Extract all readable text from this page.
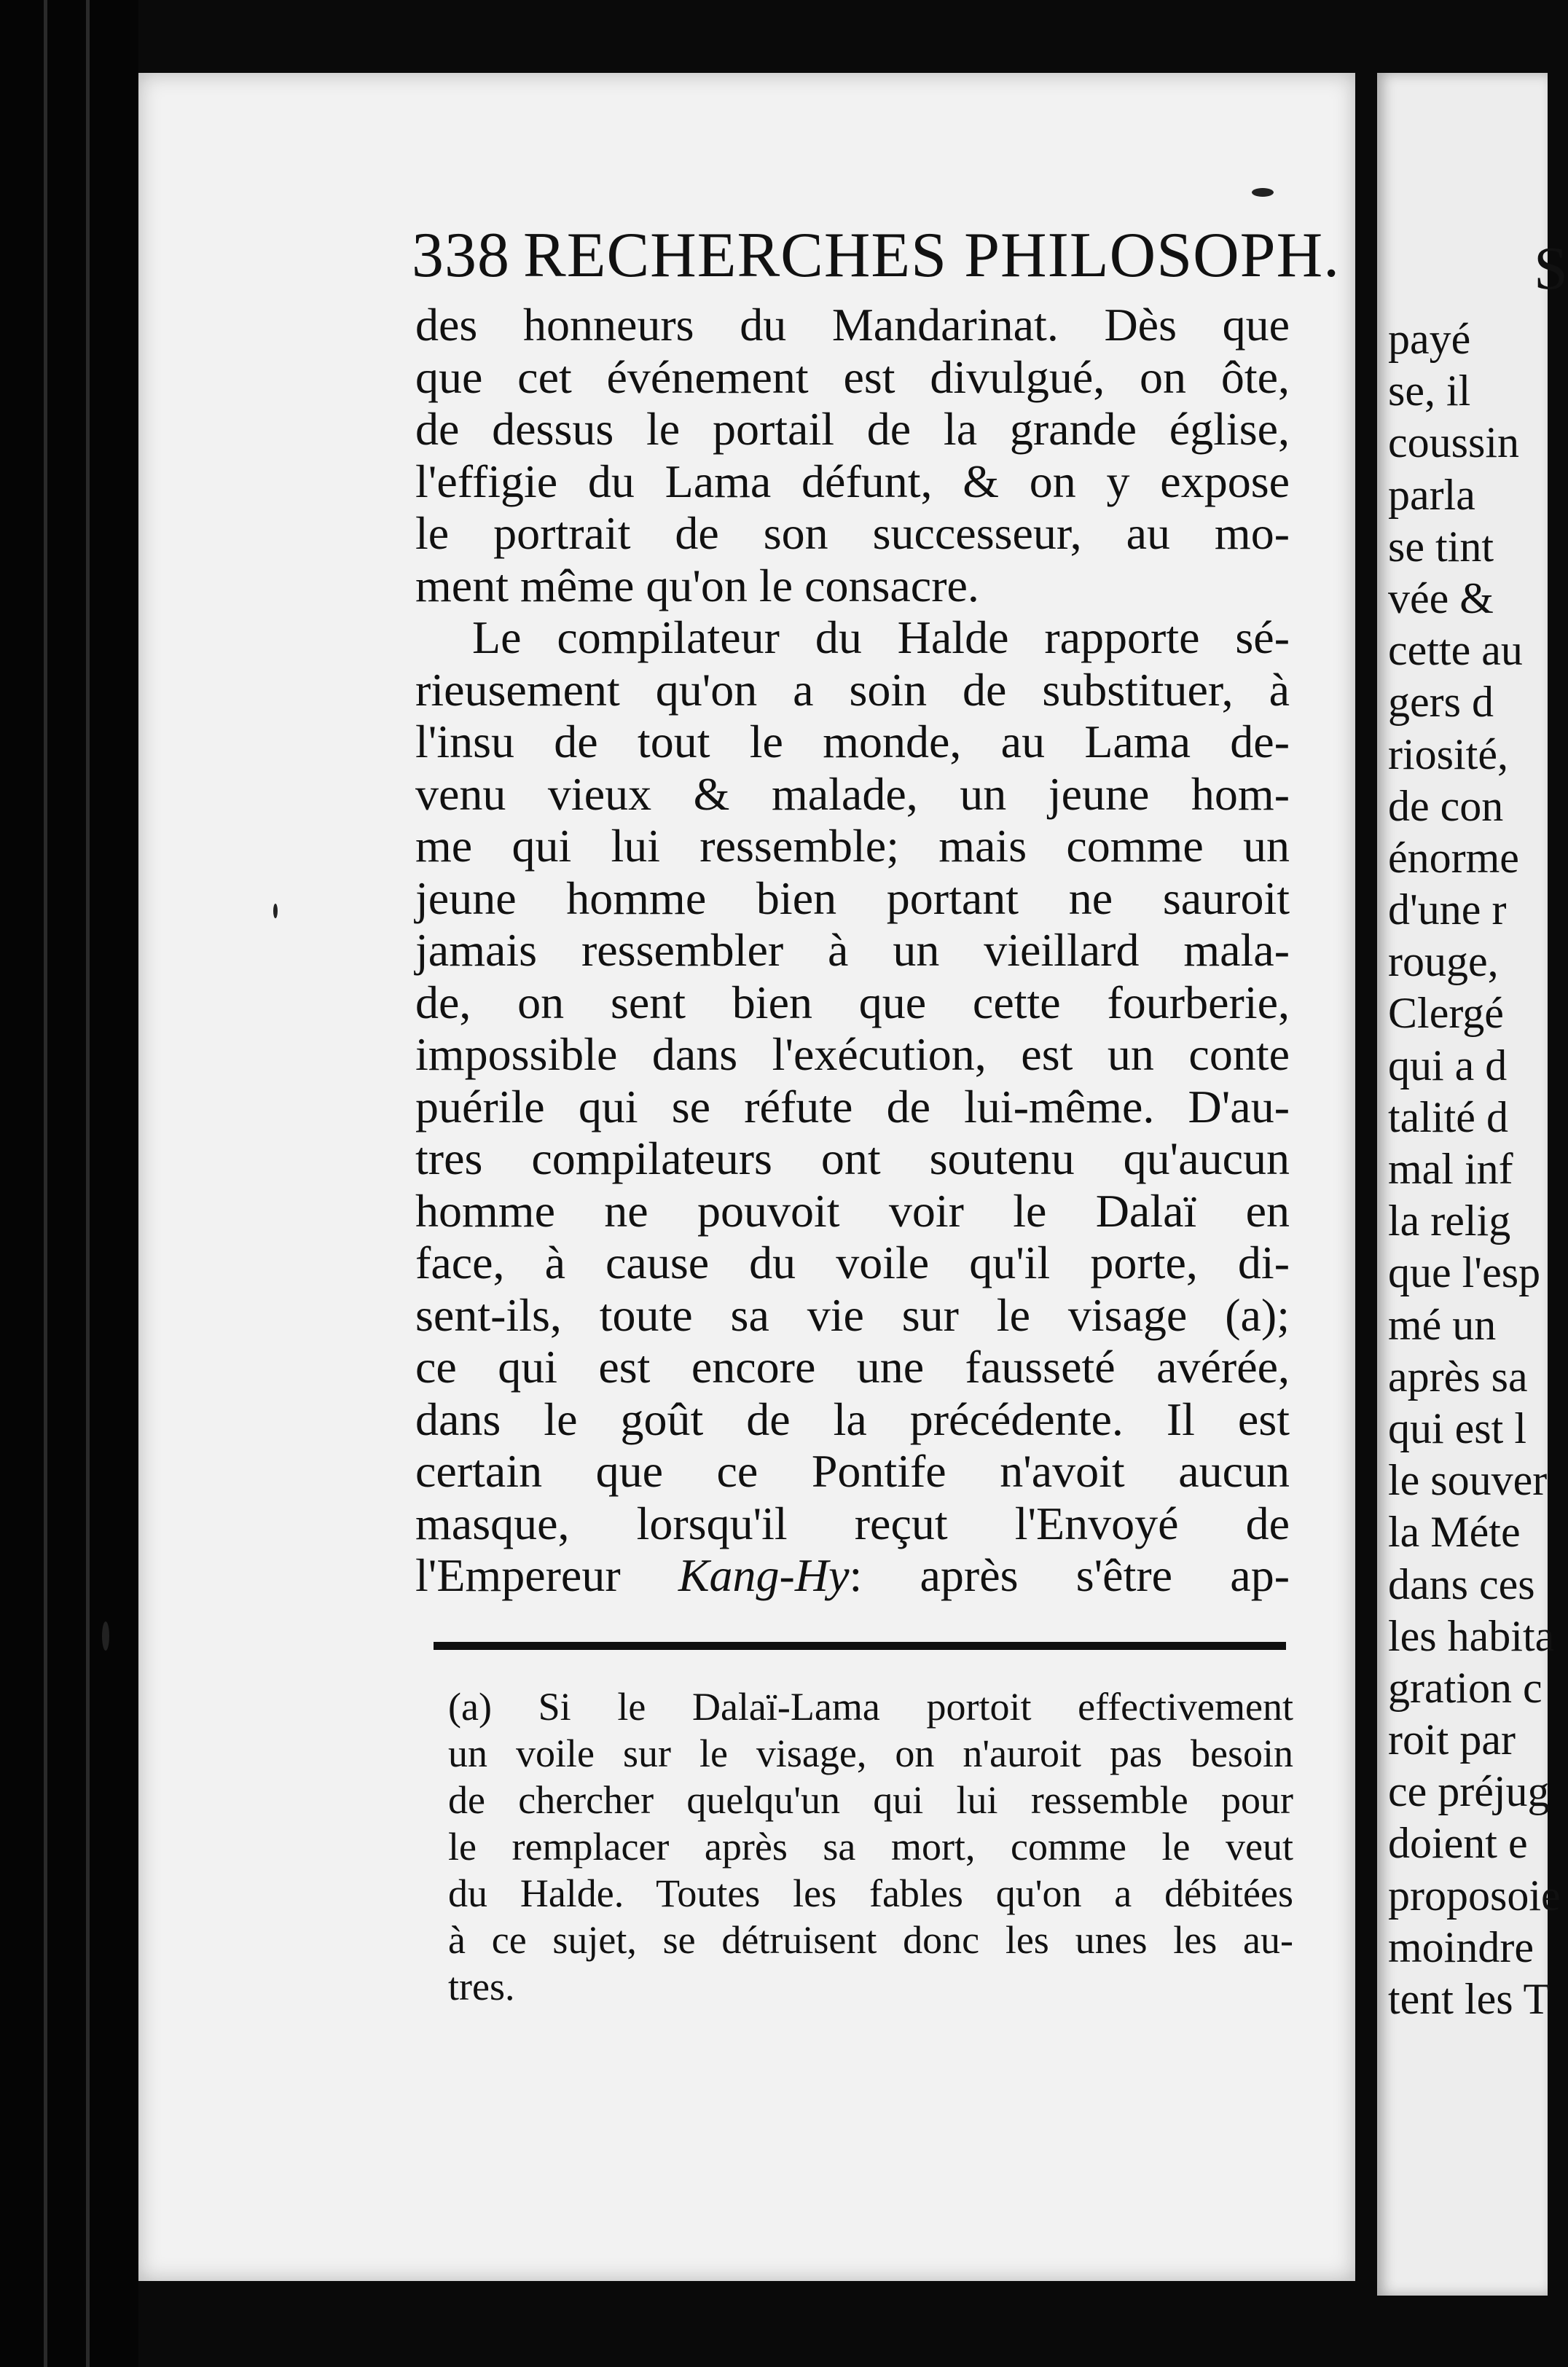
338 RECHERCHES PHILOSOPH.
des honneurs du Mandarinat. Dès que
que cet événement est divulgué, on ôte,
de dessus le portail de la grande église,
l'effigie du Lama défunt, & on y expose
le portrait de son successeur, au mo-
ment même qu'on le consacre.
Le compilateur du Halde rapporte sé-
rieusement qu'on a soin de substituer, à
l'insu de tout le monde, au Lama de-
venu vieux & malade, un jeune hom-
me qui lui ressemble; mais comme un
jeune homme bien portant ne sauroit
jamais ressembler à un vieillard mala-
de, on sent bien que cette fourberie,
impossible dans l'exécution, est un conte
puérile qui se réfute de lui-même. D'au-
tres compilateurs ont soutenu qu'aucun
homme ne pouvoit voir le Dalaï en
face, à cause du voile qu'il porte, di-
sent-ils, toute sa vie sur le visage (a);
ce qui est encore une fausseté avérée,
dans le goût de la précédente. Il est
certain que ce Pontife n'avoit aucun
masque, lorsqu'il reçut l'Envoyé de
l'Empereur Kang-Hy: après s'être ap-
(a) Si le Dalaï-Lama portoit effectivement
un voile sur le visage, on n'auroit pas besoin
de chercher quelqu'un qui lui ressemble pour
le remplacer après sa mort, comme le veut
du Halde. Toutes les fables qu'on a débitées
à ce sujet, se détruisent donc les unes les au-
tres.
S
payé
se, il
coussin
parla
se tint
vée &
cette au
gers d
riosité,
de con
énorme
d'une r
rouge,
Clergé
qui a d
talité d
mal inf
la relig
que l'esp
mé un
après sa
qui est l
le souver
la Méte
dans ces
les habita
gration c
roit par
ce préjug
doient e
proposoie
moindre
tent les T
